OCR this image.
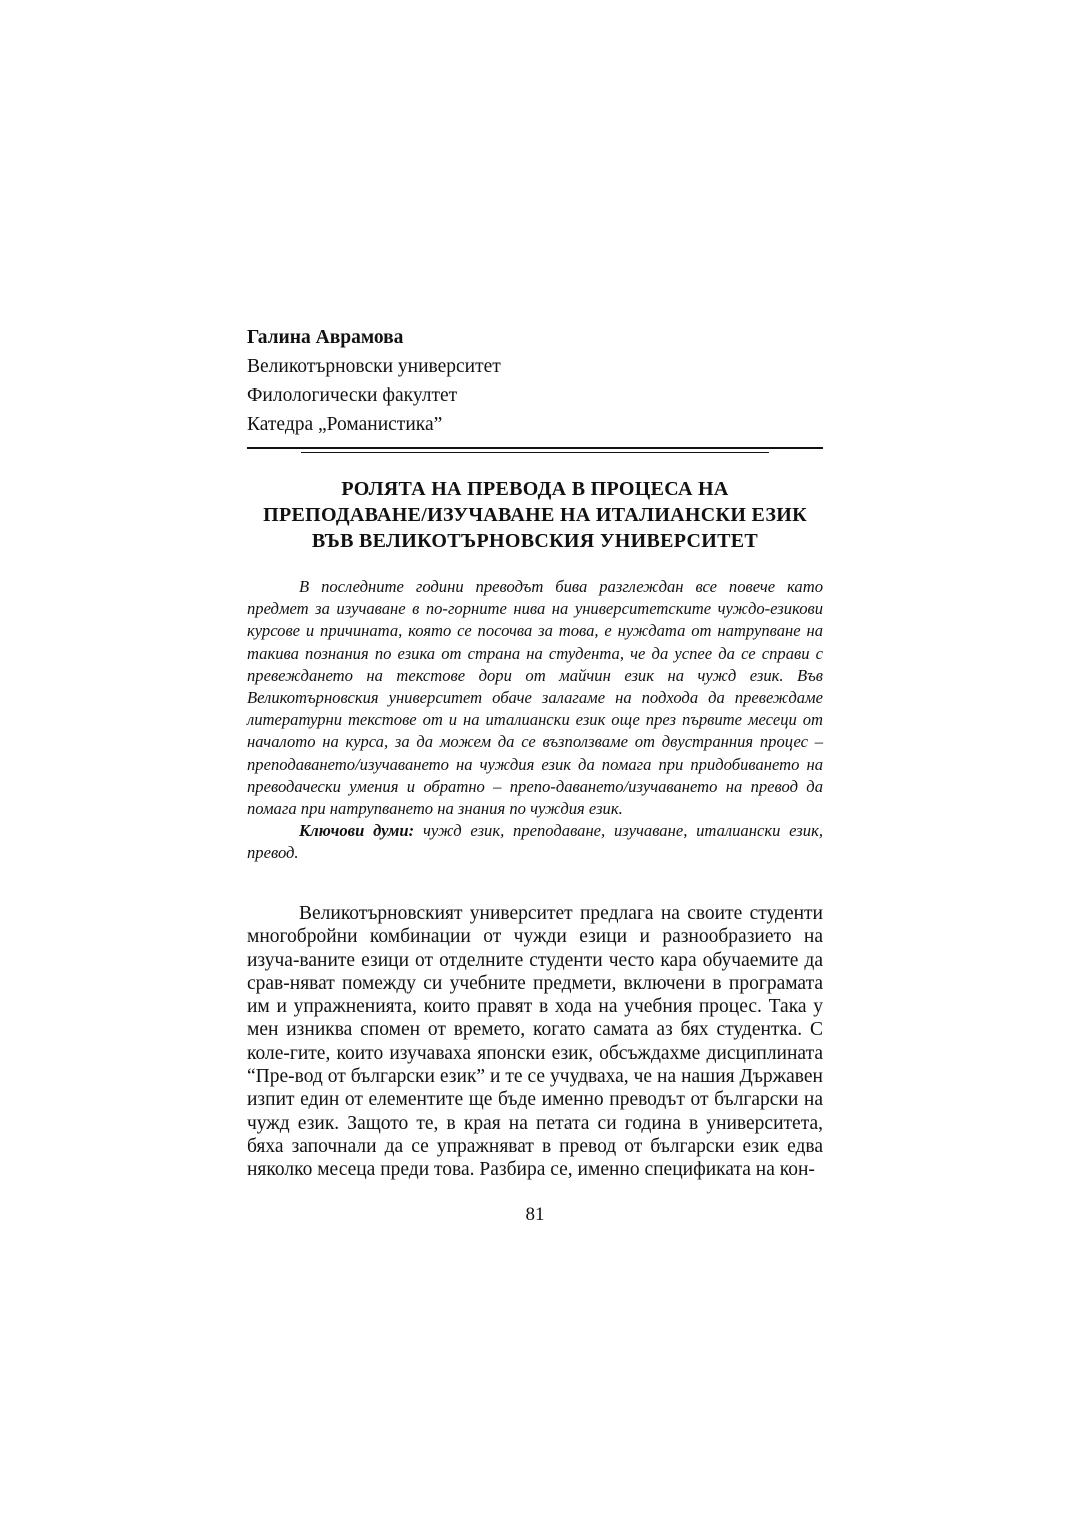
Галина Аврамова
Великотърновски университет
Филологически факултет
Катедра „Романистика”
РОЛЯТА НА ПРЕВОДА В ПРОЦЕСА НА
ПРЕПОДАВАНЕ/ИЗУЧАВАНЕ НА ИТАЛИАНСКИ ЕЗИК
ВЪВ ВЕЛИКОТЪРНОВСКИЯ УНИВЕРСИТЕТ

В последните години преводът бива разглеждан все повече като предмет за изучаване в по-горните нива на университетските чуждо-езикови курсове и причината, която се посочва за това, е нуждата от натрупване на такива познания по езика от страна на студента, че да успее да се справи с превеждането на текстове дори от майчин език на чужд език. Във Великотърновския университет обаче залагаме на подхода да превеждаме литературни текстове от и на италиански език още през първите месеци от началото на курса, за да можем да се възползваме от двустранния процес – преподаването/изучаването на чуждия език да помага при придобиването на преводачески умения и обратно – препо-даването/изучаването на превод да помага при натрупването на знания по чуждия език.

Ключови думи: чужд език, преподаване, изучаване, италиански език, превод.

Великотърновският университет предлага на своите студенти многобройни комбинации от чужди езици и разнообразието на изуча-ваните езици от отделните студенти често кара обучаемите да срав-няват помежду си учебните предмети, включени в програмата им и упражненията, които правят в хода на учебния процес. Така у мен изниква спомен от времето, когато самата аз бях студентка. С коле-гите, които изучаваха японски език, обсъждахме дисциплината “Пре-вод от български език” и те се учудваха, че на нашия Държавен изпит един от елементите ще бъде именно преводът от български на чужд език. Защото те, в края на петата си година в университета, бяха започнали да се упражняват в превод от български език едва няколко месеца преди това. Разбира се, именно спецификата на кон-

81
